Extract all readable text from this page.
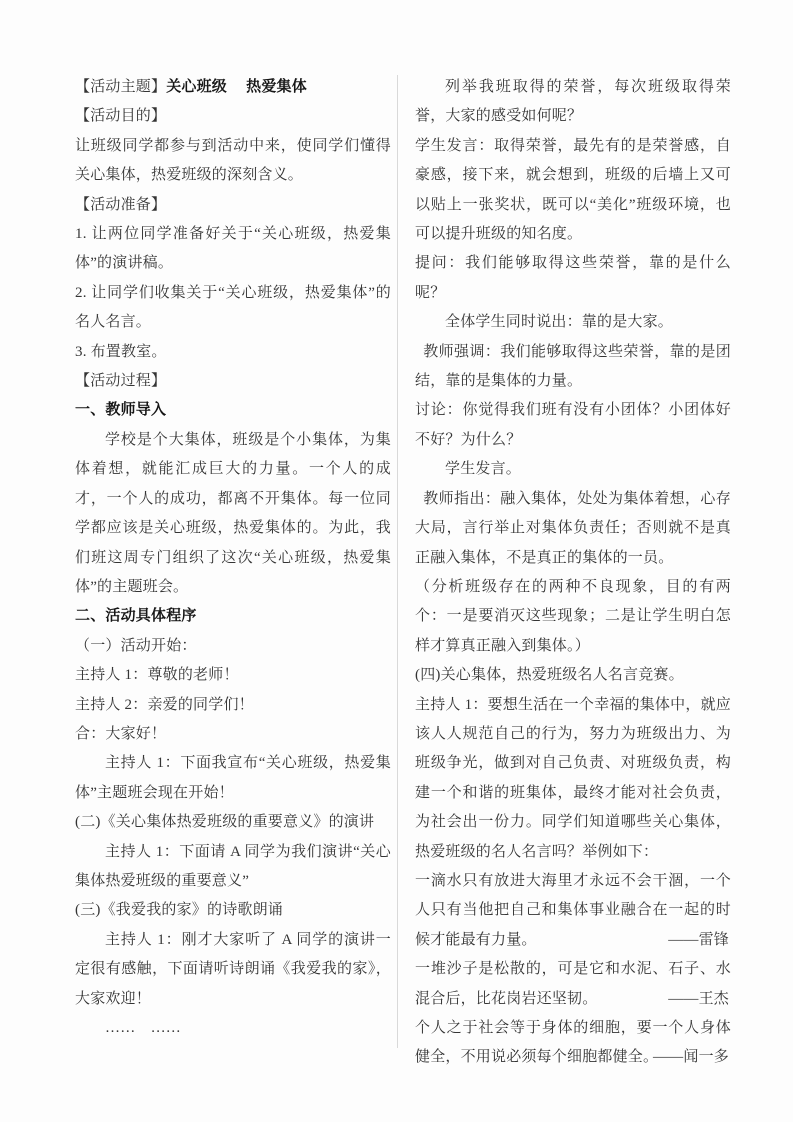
【活动主题】关心班级　 热爱集体

【活动目的】

让班级同学都参与到活动中来，使同学们懂得关心集体，热爱班级的深刻含义。

【活动准备】

1. 让两位同学准备好关于“关心班级，热爱集体”的演讲稿。

2. 让同学们收集关于“关心班级，热爱集体”的名人名言。

3. 布置教室。

【活动过程】

一、教师导入

学校是个大集体，班级是个小集体，为集体着想，就能汇成巨大的力量。一个人的成才，一个人的成功，都离不开集体。每一位同学都应该是关心班级，热爱集体的。为此，我们班这周专门组织了这次“关心班级，热爱集体”的主题班会。

二、活动具体程序

（一）活动开始：

主持人 1：尊敬的老师！

主持人 2：亲爱的同学们！

合：大家好！

主持人 1：下面我宣布“关心班级，热爱集体”主题班会现在开始！

(二)《关心集体热爱班级的重要意义》的演讲

主持人 1：下面请 A 同学为我们演讲“关心集体热爱班级的重要意义”

(三)《我爱我的家》的诗歌朗诵

主持人 1：刚才大家听了 A 同学的演讲一定很有感触，下面请听诗朗诵《我爱我的家》，大家欢迎！

……　……

列举我班取得的荣誉，每次班级取得荣誉，大家的感受如何呢？

学生发言：取得荣誉，最先有的是荣誉感，自豪感，接下来，就会想到，班级的后墙上又可以贴上一张奖状，既可以“美化”班级环境，也可以提升班级的知名度。

提问：我们能够取得这些荣誉，靠的是什么呢？

全体学生同时说出：靠的是大家。

教师强调：我们能够取得这些荣誉，靠的是团结，靠的是集体的力量。

讨论：你觉得我们班有没有小团体？小团体好不好？为什么？

学生发言。

教师指出：融入集体，处处为集体着想，心存大局，言行举止对集体负责任；否则就不是真正融入集体，不是真正的集体的一员。

（分析班级存在的两种不良现象，目的有两个：一是要消灭这些现象；二是让学生明白怎样才算真正融入到集体。）

(四)关心集体，热爱班级名人名言竞赛。

主持人 1：要想生活在一个幸福的集体中，就应该人人规范自己的行为，努力为班级出力、为班级争光，做到对自己负责、对班级负责，构建一个和谐的班集体，最终才能对社会负责，为社会出一份力。同学们知道哪些关心集体，热爱班级的名人名言吗？举例如下：

一滴水只有放进大海里才永远不会干涸，一个人只有当他把自己和集体事业融合在一起的时候才能最有力量。	——雷锋

一堆沙子是松散的，可是它和水泥、石子、水混合后，比花岗岩还坚韧。	——王杰

个人之于社会等于身体的细胞，要一个人身体健全，不用说必须每个细胞都健全。
——闻一多
